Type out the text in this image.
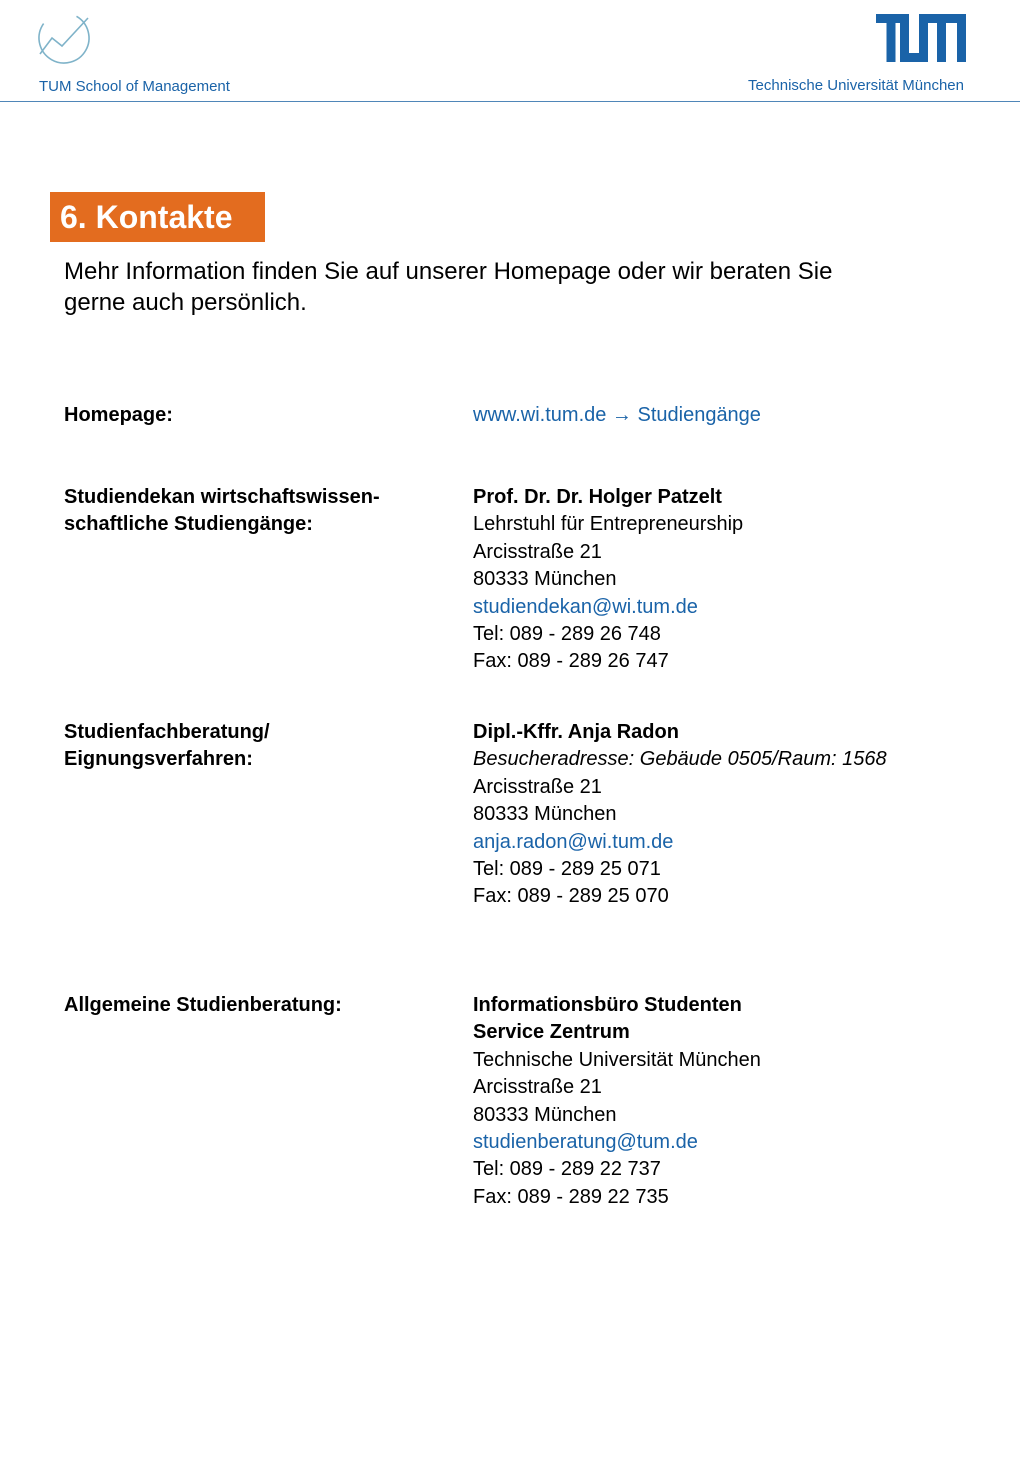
TUM School of Management	Technische Universität München
6. Kontakte
Mehr Information finden Sie auf unserer Homepage oder wir beraten Sie
gerne auch persönlich.
Homepage:	www.wi.tum.de → Studiengänge
Studiendekan wirtschaftswissen-
schaftliche Studiengänge:
Prof. Dr. Dr. Holger Patzelt
Lehrstuhl für Entrepreneurship
Arcisstraße 21
80333 München
studiendekan@wi.tum.de
Tel: 089 - 289 26 748
Fax: 089 - 289 26 747
Studienfachberatung/
Eignungsverfahren:
Dipl.-Kffr. Anja Radon
Besucheradresse: Gebäude 0505/Raum: 1568
Arcisstraße 21
80333 München
anja.radon@wi.tum.de
Tel: 089 - 289 25 071
Fax: 089 - 289 25 070
Allgemeine Studienberatung:	Informationsbüro Studenten
Service Zentrum
Technische Universität München
Arcisstraße 21
80333 München
studienberatung@tum.de
Tel: 089 - 289 22 737
Fax: 089 - 289 22 735
